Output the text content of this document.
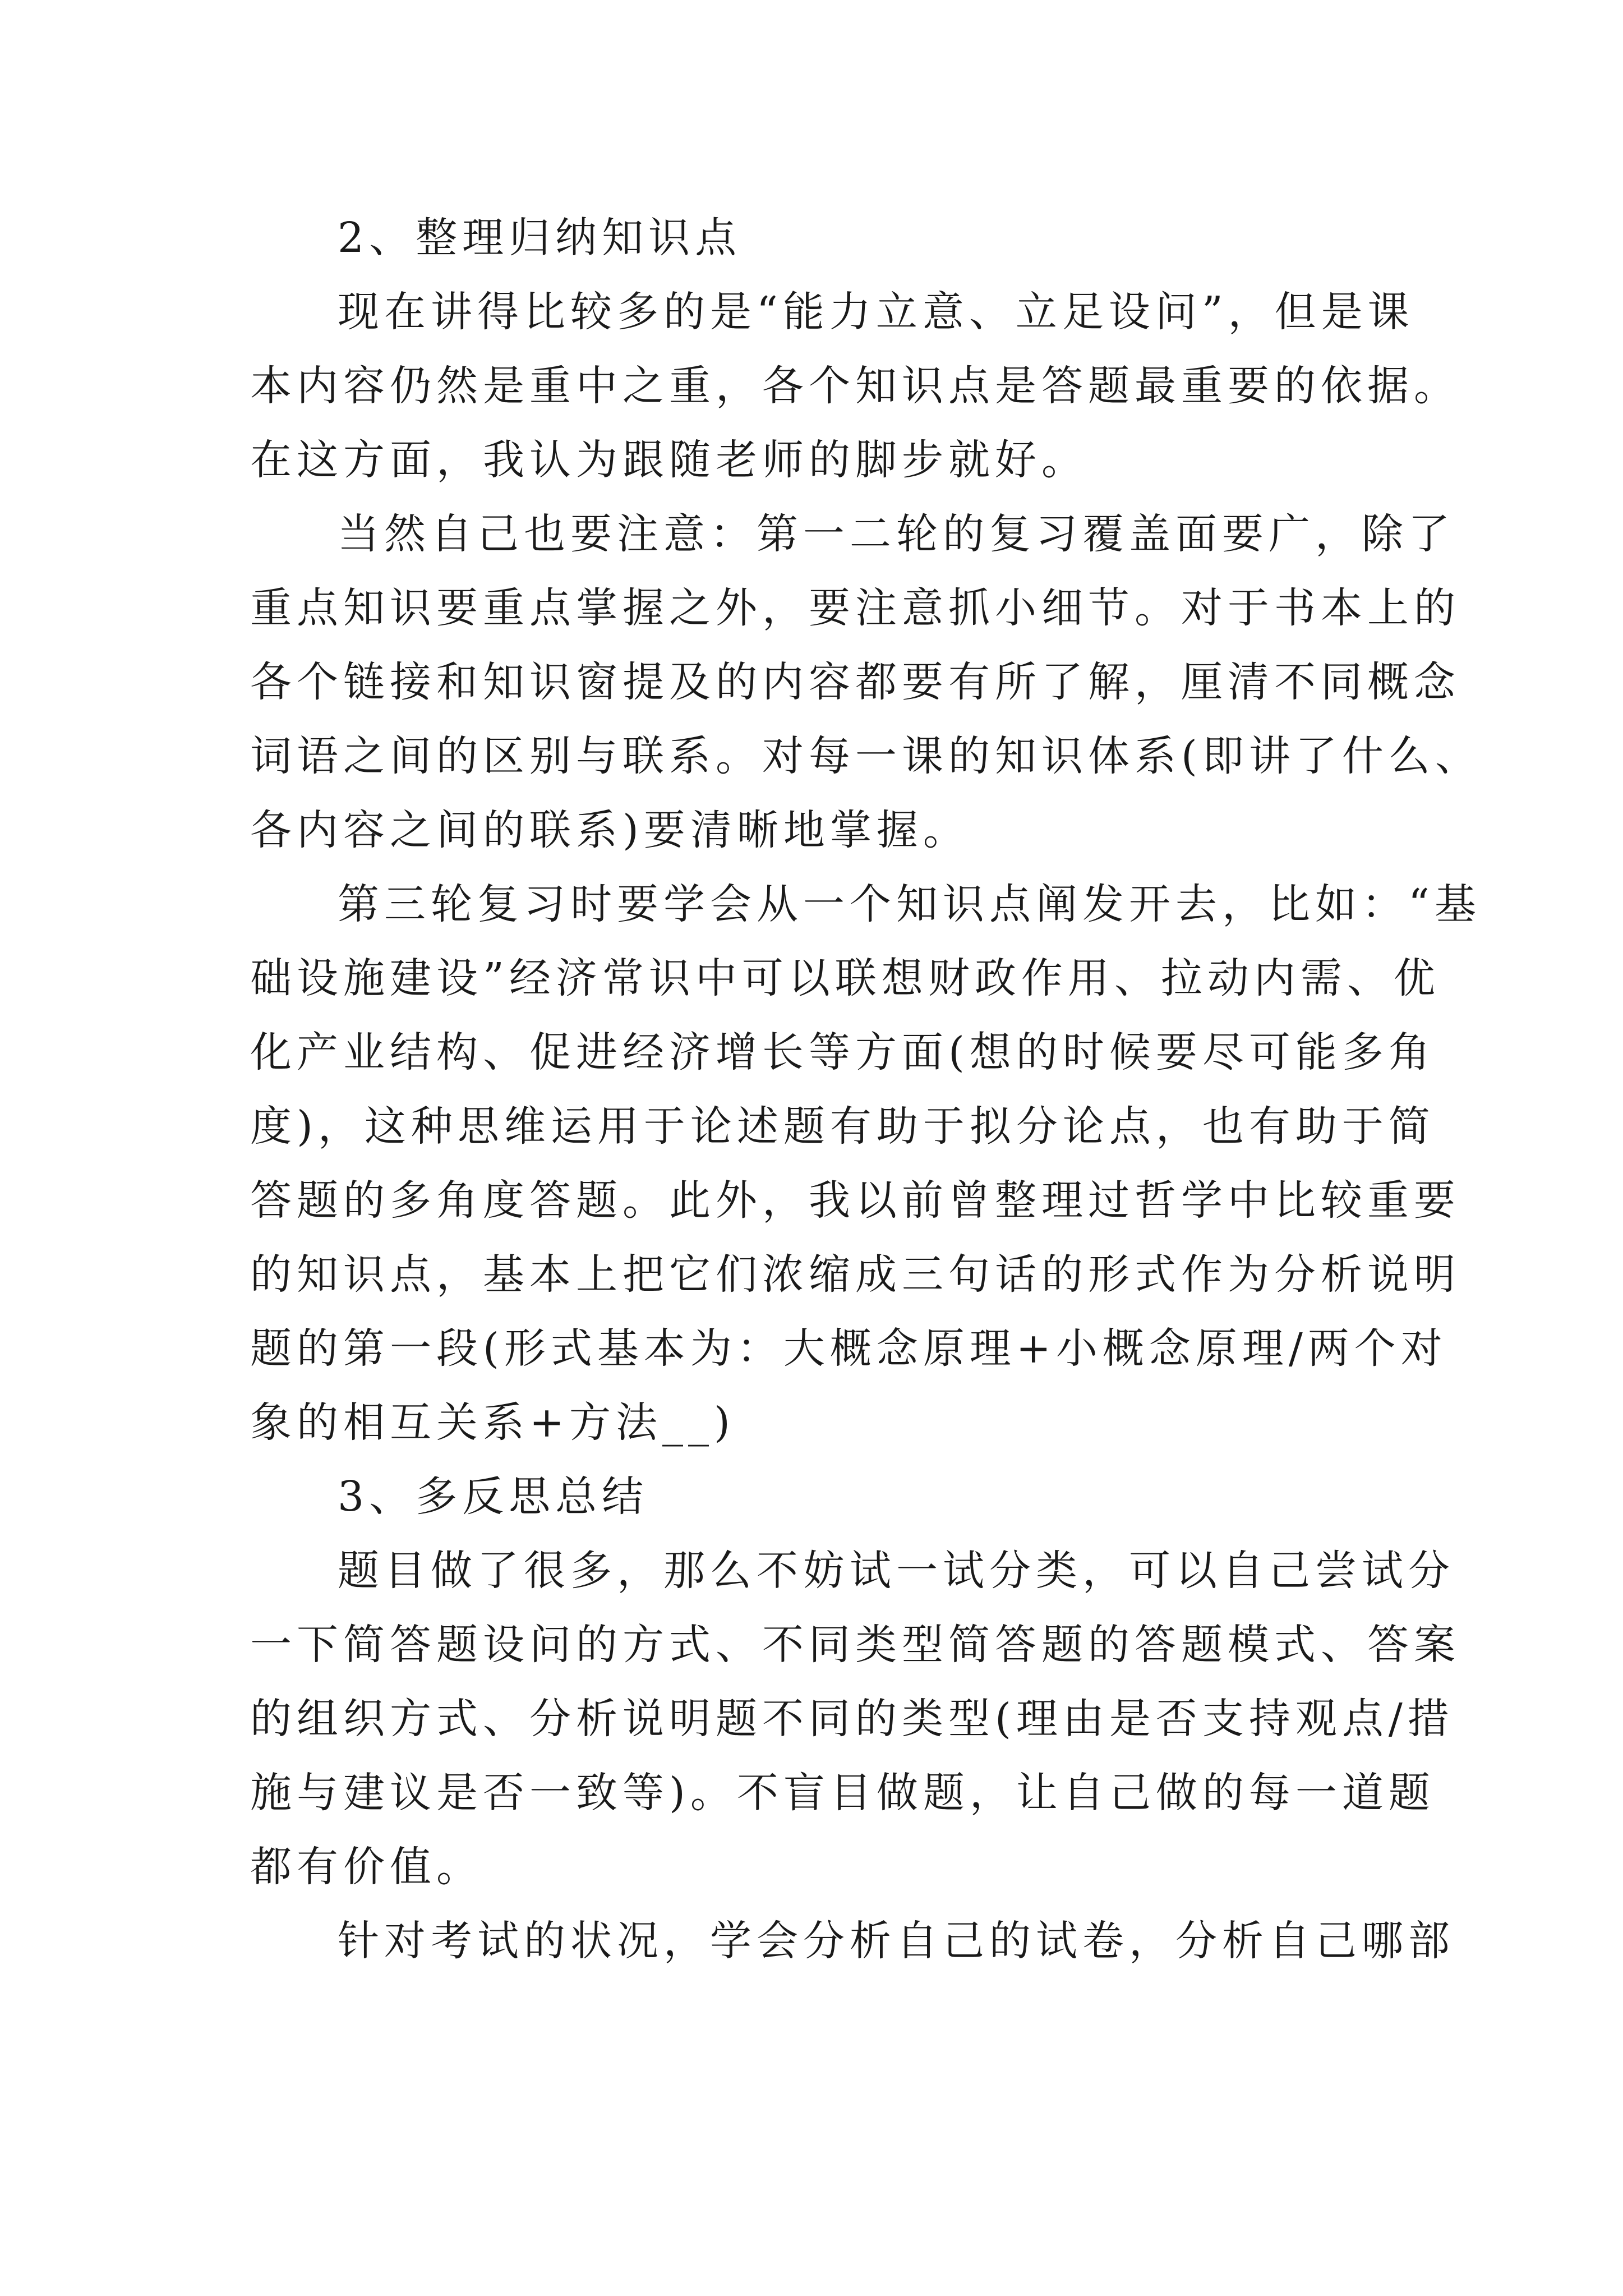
2、整理归纳知识点

现在讲得比较多的是“能力立意、立足设问”，但是课

本内容仍然是重中之重，各个知识点是答题最重要的依据。

在这方面，我认为跟随老师的脚步就好。

当然自己也要注意：第一二轮的复习覆盖面要广，除了

重点知识要重点掌握之外，要注意抓小细节。对于书本上的

各个链接和知识窗提及的内容都要有所了解，厘清不同概念

词语之间的区别与联系。对每一课的知识体系(即讲了什么、

各内容之间的联系)要清晰地掌握。

第三轮复习时要学会从一个知识点阐发开去，比如：“基

础设施建设”经济常识中可以联想财政作用、拉动内需、优

化产业结构、促进经济增长等方面(想的时候要尽可能多角

度)，这种思维运用于论述题有助于拟分论点，也有助于简

答题的多角度答题。此外，我以前曾整理过哲学中比较重要

的知识点，基本上把它们浓缩成三句话的形式作为分析说明

题的第一段(形式基本为：大概念原理+小概念原理/两个对

象的相互关系+方法__)

3、多反思总结

题目做了很多，那么不妨试一试分类，可以自己尝试分

一下简答题设问的方式、不同类型简答题的答题模式、答案

的组织方式、分析说明题不同的类型(理由是否支持观点/措

施与建议是否一致等)。不盲目做题，让自己做的每一道题

都有价值。

针对考试的状况，学会分析自己的试卷，分析自己哪部
